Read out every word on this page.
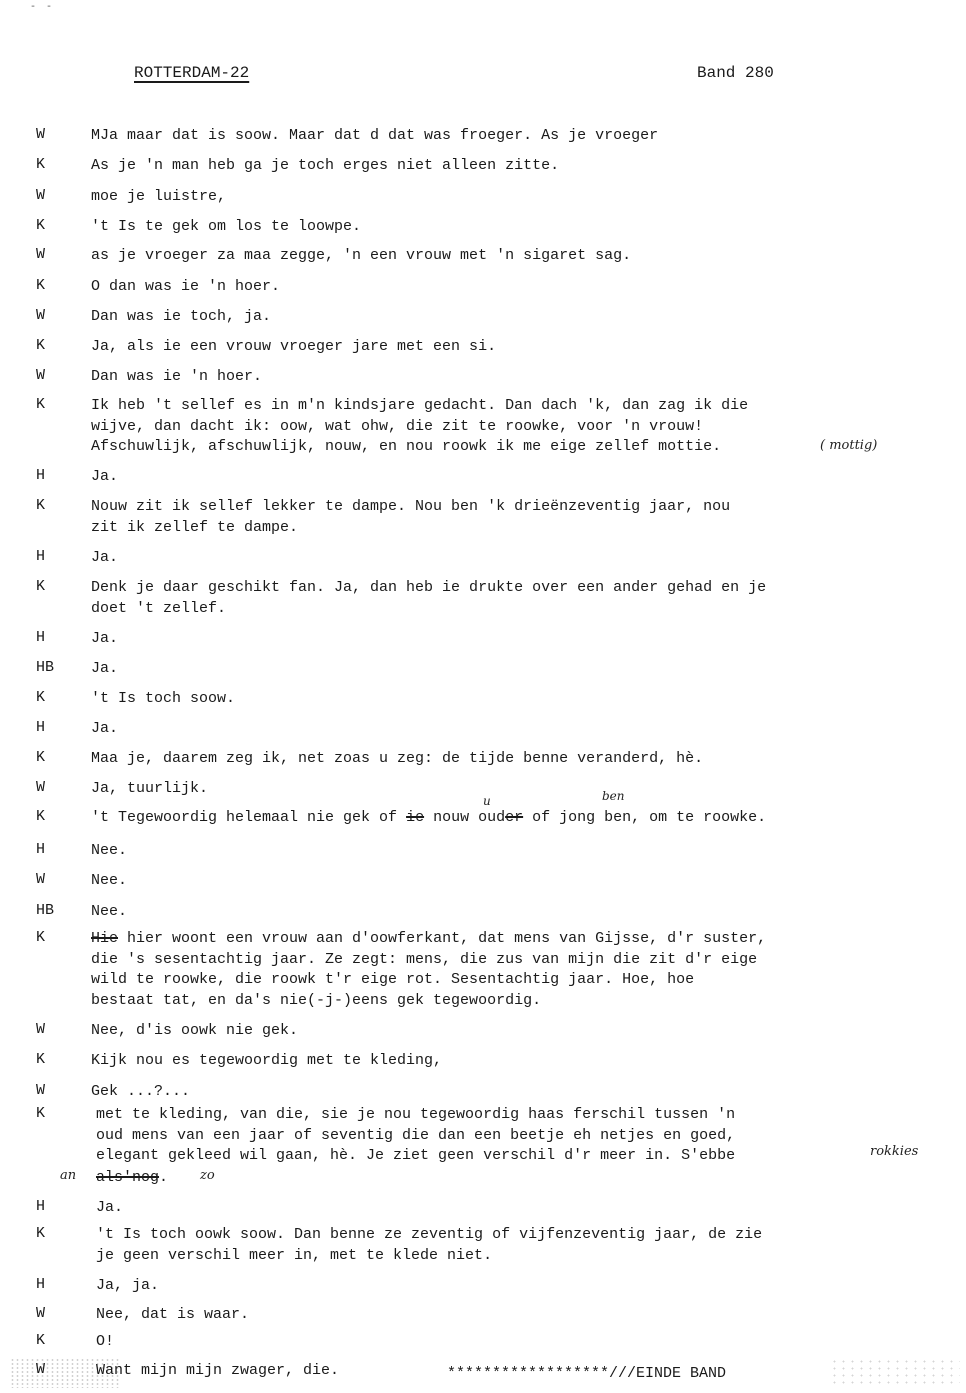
- -
ROTTERDAM-22	Band 280
W	MJa maar dat is soow. Maar dat d dat was froeger. As je vroeger
K	As je 'n man heb ga je toch erges niet alleen zitte.
W	moe je luistre,
K	't Is te gek om los te loowpe.
W	as je vroeger za maa zegge, 'n een vrouw met 'n sigaret sag.
K	O dan was ie 'n hoer.
W	Dan was ie toch, ja.
K	Ja, als ie een vrouw vroeger jare met een si.
W	Dan was ie 'n hoer.
K	Ik heb 't sellef es in m'n kindsjare gedacht. Dan dach 'k, dan zag ik die
wijve, dan dacht ik: oow, wat ohw, die zit te roowke, voor 'n vrouw!
Afschuwlijk, afschuwlijk, nouw, en nou roowk ik me eige zellef mottie.	( mottig)
H	Ja.
K	Nouw zit ik sellef lekker te dampe. Nou ben 'k drieënzeventig jaar, nou
zit ik zellef te dampe.
H	Ja.
K	Denk je daar geschikt fan. Ja, dan heb ie drukte over een ander gehad en je
doet 't zellef.
H	Ja.
HB	Ja.
K	't Is toch soow.
H	Ja.
K	Maa je, daarem zeg ik, net zoas u zeg: de tijde benne veranderd, hè.
W	Ja, tuurlijk.
u	ben
K	't Tegewoordig helemaal nie gek of ie nouw ouder of jong ben, om te roowke.
H	Nee.
W	Nee.
HB	Nee.
K	Hie hier woont een vrouw aan d'oowferkant, dat mens van Gijsse, d'r suster,
die 's sesentachtig jaar. Ze zegt: mens, die zus van mijn die zit d'r eige
wild te roowke, die roowk t'r eige rot. Sesentachtig jaar. Hoe, hoe
bestaat tat, en da's nie(-j-)eens gek tegewoordig.
W	Nee, d'is oowk nie gek.
K	Kijk nou es tegewoordig met te kleding,
W	Gek ...?...
K	met te kleding, van die, sie je nou tegewoordig haas ferschil tussen 'n
oud mens van een jaar of seventig die dan een beetje eh netjes en goed,
elegant gekleed wil gaan, hè. Je ziet geen verschil d'r meer in. S'ebbe	rokkies
an als'nog.	zo
H	Ja.
K	't Is toch oowk soow. Dan benne ze zeventig of vijfenzeventig jaar, de zie
je geen verschil meer in, met te klede niet.
H	Ja, ja.
W	Nee, dat is waar.
K	O!
W	Want mijn mijn zwager, die.	******************///EINDE BAND
